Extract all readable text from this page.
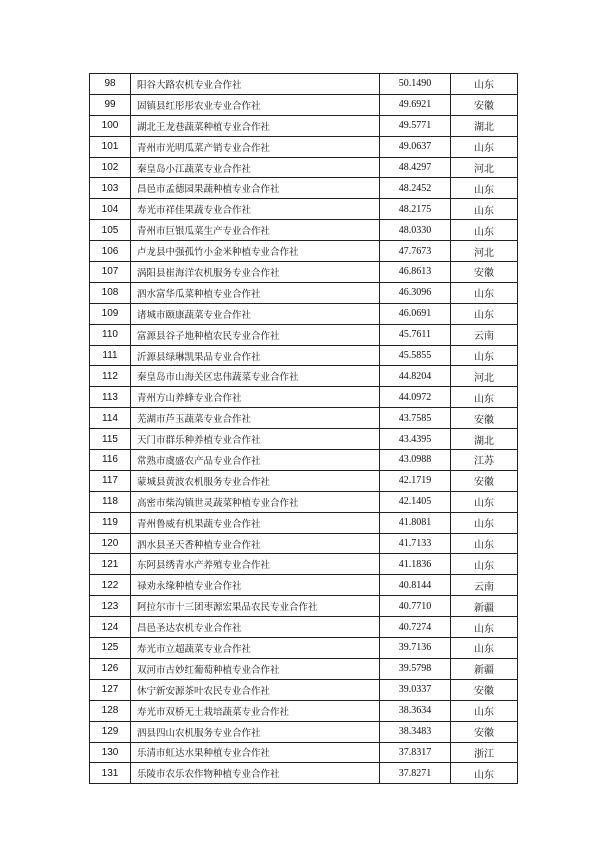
98	阳谷大路农机专业合作社	50.1490	山东
99	固镇县红彤彤农业专业合作社	49.6921	安徽
100	湖北王龙巷蔬菜种植专业合作社	49.5771	湖北
101	青州市光明瓜菜产销专业合作社	49.0637	山东
102	秦皇岛小江蔬菜专业合作社	48.4297	河北
103	昌邑市孟德园果蔬种植专业合作社	48.2452	山东
104	寿光市祥佳果蔬专业合作社	48.2175	山东
105	青州市巨银瓜菜生产专业合作社	48.0330	山东
106	卢龙县中强孤竹小金米种植专业合作社	47.7673	河北
107	涡阳县崔海洋农机服务专业合作社	46.8613	安徽
108	泗水富华瓜菜种植专业合作社	46.3096	山东
109	诸城市颐康蔬菜专业合作社	46.0691	山东
110	富源县谷子地种植农民专业合作社	45.7611	云南
111	沂源县绿琳凯果品专业合作社	45.5855	山东
112	秦皇岛市山海关区忠伟蔬菜专业合作社	44.8204	河北
113	青州方山养蜂专业合作社	44.0972	山东
114	芜湖市芦玉蔬菜专业合作社	43.7585	安徽
115	天门市群乐种养植专业合作社	43.4395	湖北
116	常熟市虞盛农产品专业合作社	43.0988	江苏
117	蒙城县黄波农机服务专业合作社	42.1719	安徽
118	高密市柴沟镇世灵蔬菜种植专业合作社	42.1405	山东
119	青州鲁威有机果蔬专业合作社	41.8081	山东
120	泗水县圣天香种植专业合作社	41.7133	山东
121	东阿县绣青水产养殖专业合作社	41.1836	山东
122	禄劝永缘种植专业合作社	40.8144	云南
123	阿拉尔市十三团枣源宏果品农民专业合作社	40.7710	新疆
124	昌邑圣达农机专业合作社	40.7274	山东
125	寿光市立超蔬菜专业合作社	39.7136	山东
126	双河市古妙红葡萄种植专业合作社	39.5798	新疆
127	休宁新安源茶叶农民专业合作社	39.0337	安徽
128	寿光市双桥无土栽培蔬菜专业合作社	38.3634	山东
129	泗县四山农机服务专业合作社	38.3483	安徽
130	乐清市虹达水果种植专业合作社	37.8317	浙江
131	乐陵市农乐农作物种植专业合作社	37.8271	山东
